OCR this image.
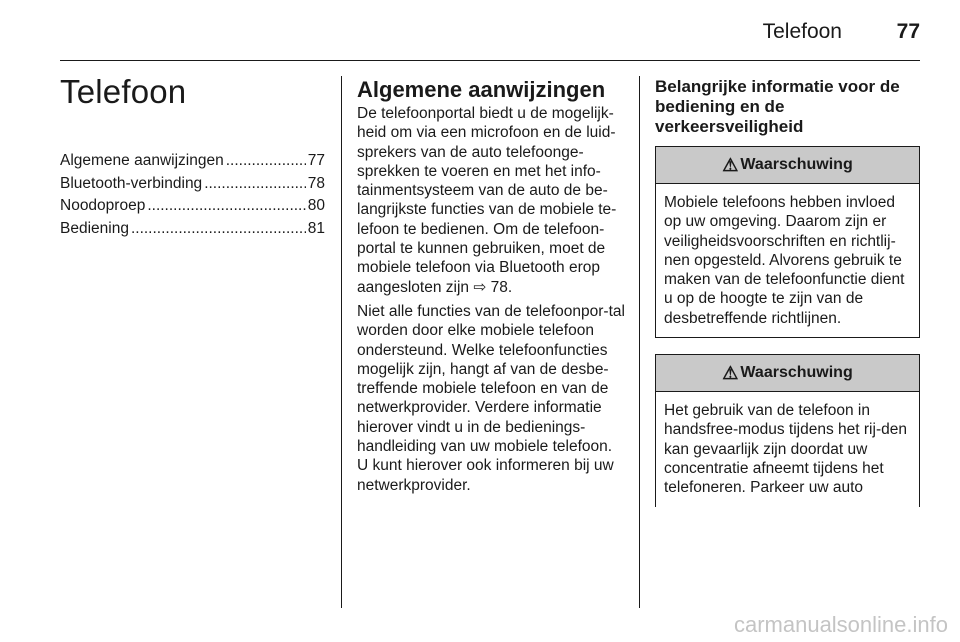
Telefoon	77
Telefoon
Algemene aanwijzingen .....	77
Bluetooth-verbinding .....	78
Noodoproep .....	80
Bediening .....	81
Algemene aanwijzingen

De telefoonportal biedt u de mogelijk-heid om via een microfoon en de luid-sprekers van de auto telefoonge-sprekken te voeren en met het info-tainmentsysteem van de auto de be-langrijkste functies van de mobiele te-lefoon te bedienen. Om de telefoon-portal te kunnen gebruiken, moet de mobiele telefoon via Bluetooth erop aangesloten zijn ⇨ 78.

Niet alle functies van de telefoonpor-tal worden door elke mobiele telefoon ondersteund. Welke telefoonfuncties mogelijk zijn, hangt af van de desbe-treffende mobiele telefoon en van de netwerkprovider. Verdere informatie hierover vindt u in de bedienings-handleiding van uw mobiele telefoon. U kunt hierover ook informeren bij uw netwerkprovider.

Belangrijke informatie voor de bediening en de verkeersveiligheid
⚠ Waarschuwing
Mobiele telefoons hebben invloed op uw omgeving. Daarom zijn er veiligheidsvoorschriften en richtlij-nen opgesteld. Alvorens gebruik te maken van de telefoonfunctie dient u op de hoogte te zijn van de desbetreffende richtlijnen.
⚠ Waarschuwing
Het gebruik van de telefoon in handsfree-modus tijdens het rij-den kan gevaarlijk zijn doordat uw concentratie afneemt tijdens het telefoneren. Parkeer uw auto
carmanualsonline.info
